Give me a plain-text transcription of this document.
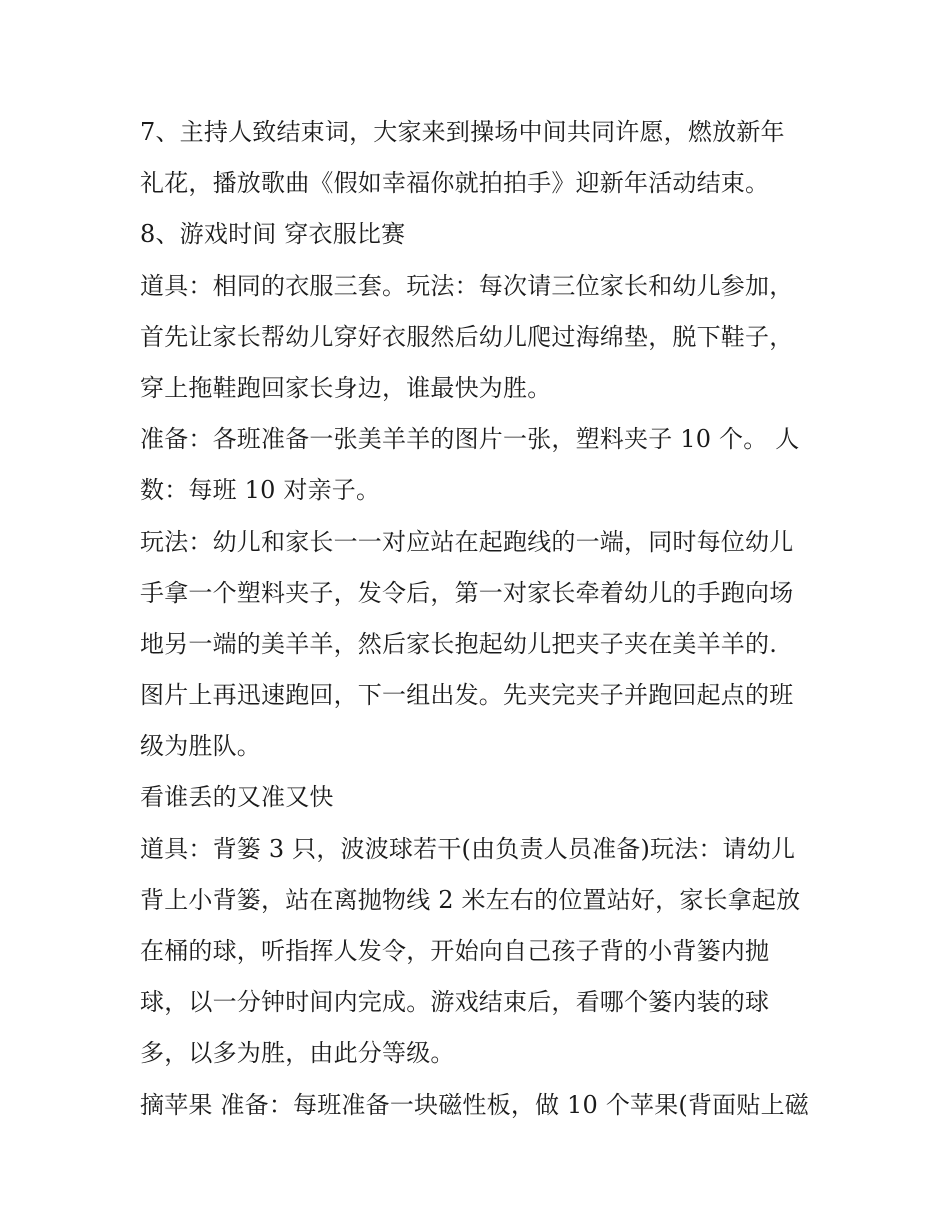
7、主持人致结束词，大家来到操场中间共同许愿，燃放新年
礼花，播放歌曲《假如幸福你就拍拍手》迎新年活动结束。
8、游戏时间 穿衣服比赛
道具：相同的衣服三套。玩法：每次请三位家长和幼儿参加，
首先让家长帮幼儿穿好衣服然后幼儿爬过海绵垫，脱下鞋子，
穿上拖鞋跑回家长身边，谁最快为胜。
准备：各班准备一张美羊羊的图片一张，塑料夹子 10 个。 人
数：每班 10 对亲子。
玩法：幼儿和家长一一对应站在起跑线的一端，同时每位幼儿
手拿一个塑料夹子，发令后，第一对家长牵着幼儿的手跑向场
地另一端的美羊羊，然后家长抱起幼儿把夹子夹在美羊羊的.
图片上再迅速跑回，下一组出发。先夹完夹子并跑回起点的班
级为胜队。
看谁丢的又准又快
道具：背篓 3 只，波波球若干(由负责人员准备)玩法：请幼儿
背上小背篓，站在离抛物线 2 米左右的位置站好，家长拿起放
在桶的球，听指挥人发令，开始向自己孩子背的小背篓内抛
球，以一分钟时间内完成。游戏结束后，看哪个篓内装的球
多，以多为胜，由此分等级。
摘苹果 准备：每班准备一块磁性板，做 10 个苹果(背面贴上磁
